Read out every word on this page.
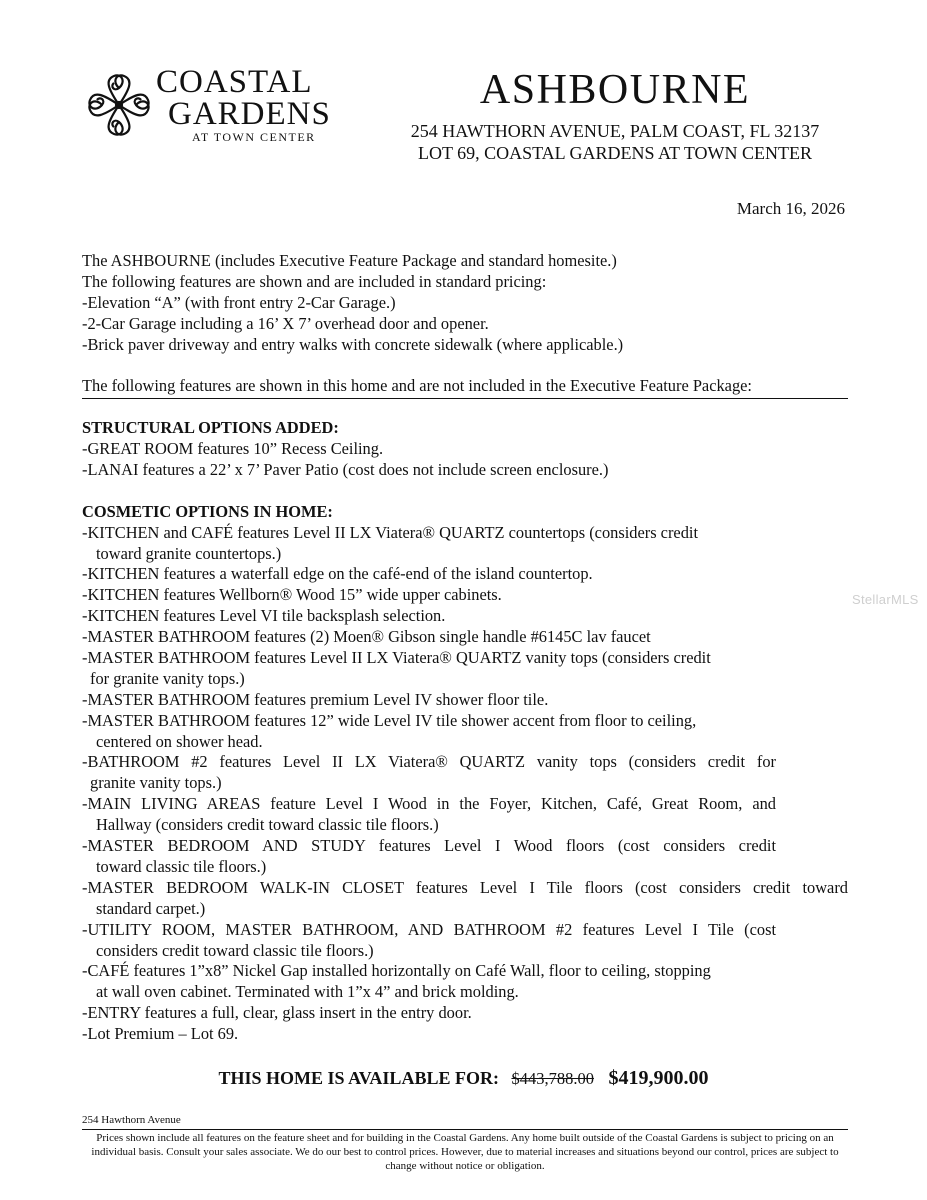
COASTAL
GARDENS
AT TOWN CENTER
ASHBOURNE
254 HAWTHORN AVENUE, PALM COAST, FL 32137
LOT 69, COASTAL GARDENS AT TOWN CENTER
March 16, 2026
The ASHBOURNE (includes Executive Feature Package and standard homesite.)
The following features are shown and are included in standard pricing:
-Elevation “A” (with front entry 2-Car Garage.)
-2-Car Garage including a 16’ X 7’ overhead door and opener.
-Brick paver driveway and entry walks with concrete sidewalk (where applicable.)
The following features are shown in this home and are not included in the Executive Feature Package:
STRUCTURAL OPTIONS ADDED:
-GREAT ROOM features 10” Recess Ceiling.
-LANAI features a 22’ x 7’ Paver Patio (cost does not include screen enclosure.)
COSMETIC OPTIONS IN HOME:
-KITCHEN and CAFÉ features Level II LX Viatera® QUARTZ countertops (considers credit
toward granite countertops.)
-KITCHEN features a waterfall edge on the café-end of the island countertop.
-KITCHEN features Wellborn® Wood 15” wide upper cabinets.
-KITCHEN features Level VI tile backsplash selection.
-MASTER BATHROOM features (2) Moen® Gibson single handle #6145C lav faucet
-MASTER BATHROOM features Level II LX Viatera® QUARTZ vanity tops (considers credit
for granite vanity tops.)
-MASTER BATHROOM features premium Level IV shower floor tile.
-MASTER BATHROOM features 12” wide Level IV tile shower accent from floor to ceiling,
centered on shower head.
-BATHROOM #2 features Level II LX Viatera® QUARTZ vanity tops (considers credit for
granite vanity tops.)
-MAIN LIVING AREAS feature Level I Wood in the Foyer, Kitchen, Café, Great Room, and
Hallway (considers credit toward classic tile floors.)
-MASTER BEDROOM AND STUDY features Level I Wood floors (cost considers credit
toward classic tile floors.)
-MASTER BEDROOM WALK-IN CLOSET features Level I Tile floors (cost considers credit toward
standard carpet.)
-UTILITY ROOM, MASTER BATHROOM, AND BATHROOM #2 features Level I Tile (cost
considers credit toward classic tile floors.)
-CAFÉ features 1”x8” Nickel Gap installed horizontally on Café Wall, floor to ceiling, stopping
at wall oven cabinet. Terminated with 1”x 4” and brick molding.
-ENTRY features a full, clear, glass insert in the entry door.
-Lot Premium – Lot 69.
THIS HOME IS AVAILABLE FOR: $443,788.00 $419,900.00
254 Hawthorn Avenue
Prices shown include all features on the feature sheet and for building in the Coastal Gardens. Any home built outside of the Coastal Gardens is subject to pricing on an individual basis. Consult your sales associate. We do our best to control prices. However, due to material increases and situations beyond our control, prices are subject to change without notice or obligation.
StellarMLS
